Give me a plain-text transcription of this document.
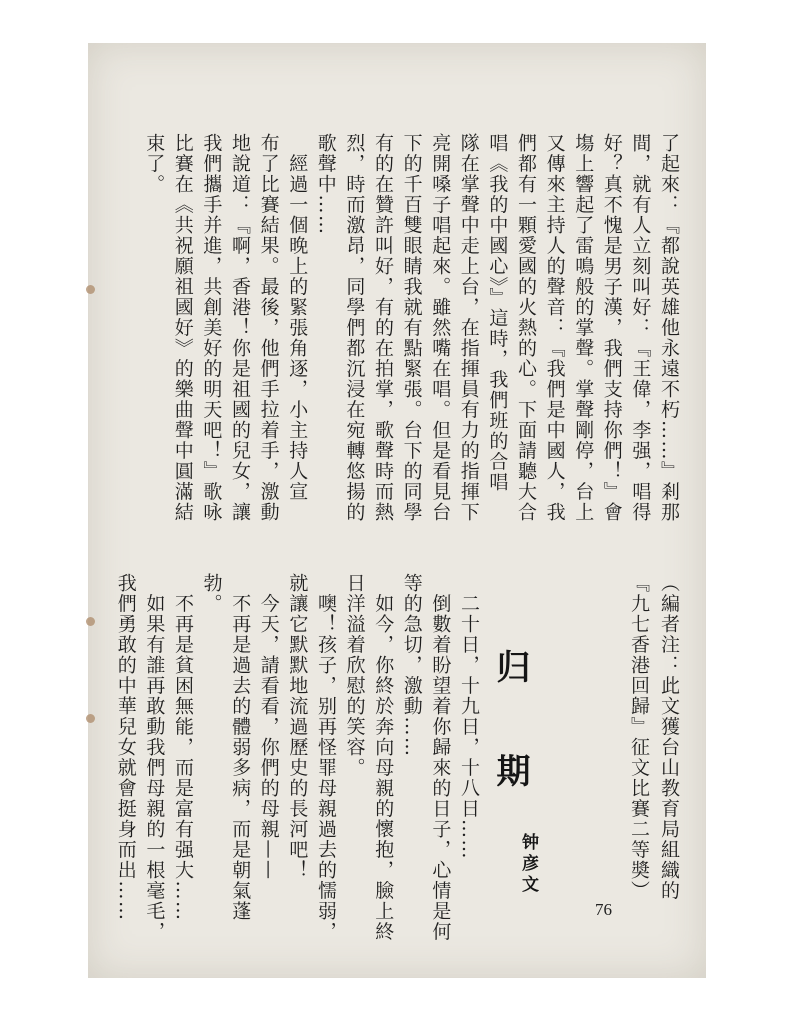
了起來：『都說英雄他永遠不朽……』剎那
間，就有人立刻叫好：『王偉，李强，唱得
好？真不愧是男子漢，我們支持你們！』會
塲上響起了雷鳴般的掌聲。掌聲剛停，台上
又傳來主持人的聲音：『我們是中國人，我
們都有一顆愛國的火熱的心。下面請聽大合
唱《我的中國心》』這時，我們班的合唱
隊在掌聲中走上台，在指揮員有力的指揮下
亮開嗓子唱起來。雖然嘴在唱。但是看見台
下的千百雙眼睛我就有點緊張。台下的同學
有的在贊許叫好，有的在拍掌，歌聲時而熱
烈，時而激昂，同學們都沉浸在宛轉悠揚的
歌聲中……
　經過一個晚上的緊張角逐，小主持人宣
布了比賽結果。最後，他們手拉着手，激動
地說道：『啊，香港！你是祖國的兒女，讓
我們攜手并進，共創美好的明天吧！』歌咏
比賽在《共祝願祖國好》的樂曲聲中圓滿結
束了。
（編者注：此文獲台山教育局組織的
『九七香港回歸』征文比賽二等奬）
归期
钟彦文
　二十日，十九日，十八日……
　倒數着盼望着你歸來的日子，心情是何
等的急切，激動……
　如今，你終於奔向母親的懷抱，臉上終
日洋溢着欣慰的笑容。
　噢！孩子，别再怪罪母親過去的懦弱，
就讓它默默地流過歷史的長河吧！
　今天，請看看，你們的母親——
　不再是過去的體弱多病，而是朝氣蓬
勃。
　不再是貧困無能，而是富有强大……
　如果有誰再敢動我們母親的一根毫毛，
我們勇敢的中華兒女就會挺身而出……	76
